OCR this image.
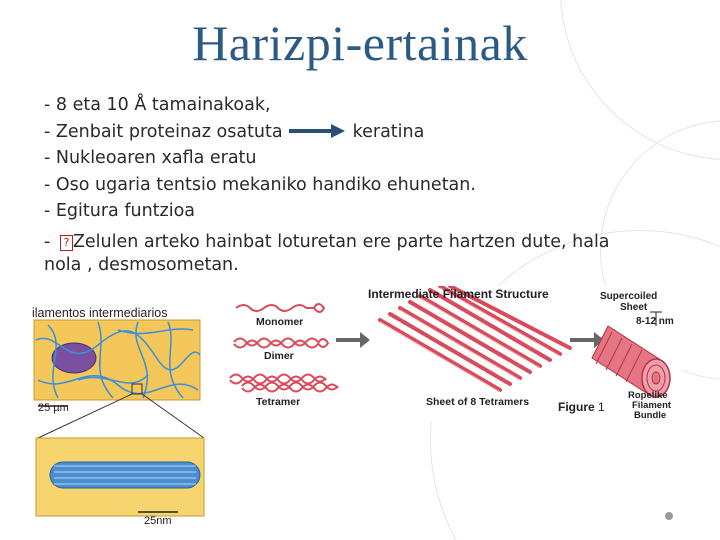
Harizpi-ertainak
- 8 eta 10 Å tamainakoak,
- Zenbait proteinaz osatuta	keratina
- Nukleoaren xafla eratu
- Oso ugaria tentsio mekaniko handiko ehunetan.
- Egitura funtzioa
- ? Zelulen arteko hainbat loturetan ere parte hartzen dute, hala
nola , desmosometan.
ilamentos intermediarios
25 µm
25nm
Intermediate Filament Structure
Monomer
Dimer
Tetramer	Sheet of 8 Tetramers Figure 1
Supercoiled
Sheet
8-12 nm
Ropelike
Filament
Bundle
